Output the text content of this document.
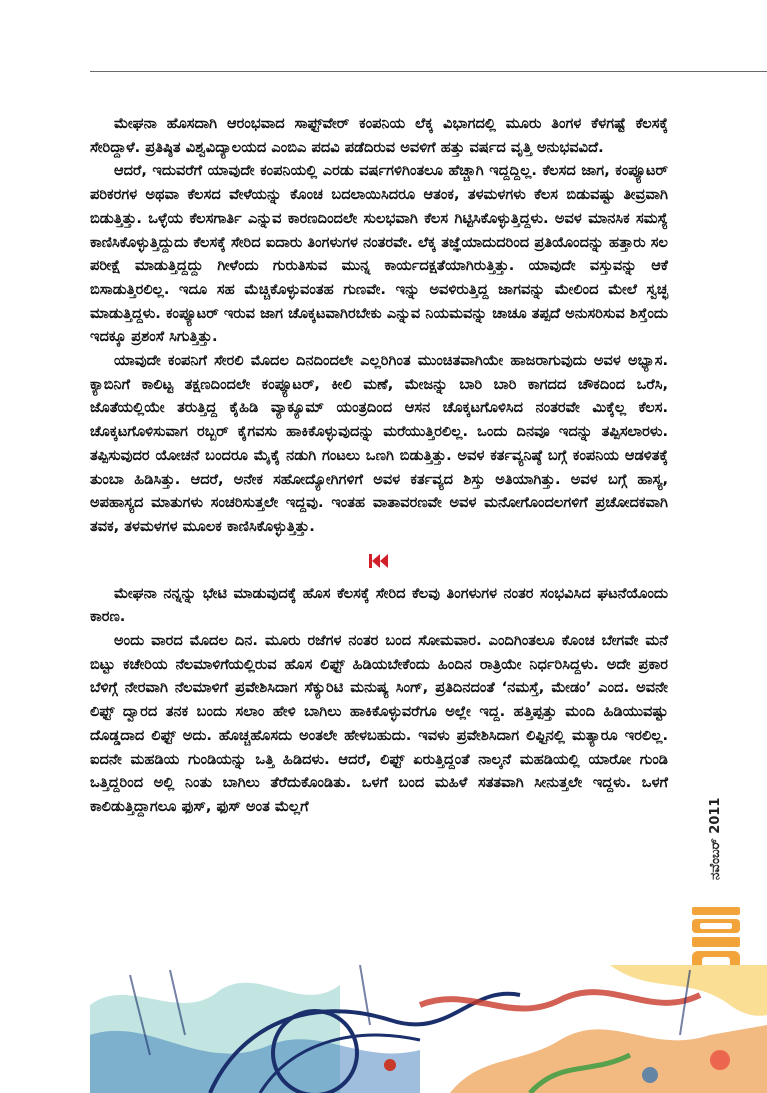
ಮೇಘನಾ ಹೊಸದಾಗಿ ಆರಂಭವಾದ ಸಾಫ್ಟ್‌ವೇರ್ ಕಂಪನಿಯ ಲೆಕ್ಕ ವಿಭಾಗದಲ್ಲಿ ಮೂರು ತಿಂಗಳ ಕೆಳಗಷ್ಟೆ ಕೆಲಸಕ್ಕೆ ಸೇರಿದ್ದಾಳೆ. ಪ್ರತಿಷ್ಠಿತ ವಿಶ್ವವಿದ್ಯಾಲಯದ ಎಂಬಿಎ ಪದವಿ ಪಡೆದಿರುವ ಅವಳಿಗೆ ಹತ್ತು ವರ್ಷದ ವೃತ್ತಿ ಅನುಭವವಿದೆ.

ಆದರೆ, ಇದುವರೆಗೆ ಯಾವುದೇ ಕಂಪನಿಯಲ್ಲಿ ಎರಡು ವರ್ಷಗಳಿಗಿಂತಲೂ ಹೆಚ್ಚಾಗಿ ಇದ್ದದ್ದಿಲ್ಲ. ಕೆಲಸದ ಜಾಗ, ಕಂಪ್ಯೂಟರ್ ಪರಿಕರಗಳ ಅಥವಾ ಕೆಲಸದ ವೇಳೆಯನ್ನು ಕೊಂಚ ಬದಲಾಯಿಸಿದರೂ ಆತಂಕ, ತಳಮಳಗಳು ಕೆಲಸ ಬಿಡುವಷ್ಟು ತೀವ್ರವಾಗಿ ಬಿಡುತ್ತಿತ್ತು. ಒಳ್ಳೆಯ ಕೆಲಸಗಾರ್ತಿ ಎನ್ನುವ ಕಾರಣದಿಂದಲೇ ಸುಲಭವಾಗಿ ಕೆಲಸ ಗಿಟ್ಟಿಸಿಕೊಳ್ಳುತ್ತಿದ್ದಳು. ಅವಳ ಮಾನಸಿಕ ಸಮಸ್ಯೆ ಕಾಣಿಸಿಕೊಳ್ಳುತ್ತಿದ್ದುದು ಕೆಲಸಕ್ಕೆ ಸೇರಿದ ಐದಾರು ತಿಂಗಳುಗಳ ನಂತರವೇ. ಲೆಕ್ಕ ತಜ್ಞೆಯಾದುದರಿಂದ ಪ್ರತಿಯೊಂದನ್ನು ಹತ್ತಾರು ಸಲ ಪರೀಕ್ಷೆ ಮಾಡುತ್ತಿದ್ದದ್ದು ಗೀಳೆಂದು ಗುರುತಿಸುವ ಮುನ್ನ ಕಾರ್ಯದಕ್ಷತೆಯಾಗಿರುತ್ತಿತ್ತು. ಯಾವುದೇ ವಸ್ತುವನ್ನು ಆಕೆ ಬಿಸಾಡುತ್ತಿರಲಿಲ್ಲ. ಇದೂ ಸಹ ಮೆಚ್ಚಿಕೊಳ್ಳುವಂತಹ ಗುಣವೇ. ಇನ್ನು ಅವಳಿರುತ್ತಿದ್ದ ಜಾಗವನ್ನು ಮೇಲಿಂದ ಮೇಲೆ ಸ್ವಚ್ಛ ಮಾಡುತ್ತಿದ್ದಳು. ಕಂಪ್ಯೂಟರ್ ಇರುವ ಜಾಗ ಚೊಕ್ಕಟವಾಗಿರಬೇಕು ಎನ್ನುವ ನಿಯಮವನ್ನು ಚಾಚೂ ತಪ್ಪದೆ ಅನುಸರಿಸುವ ಶಿಸ್ತೆಂದು ಇದಕ್ಕೂ ಪ್ರಶಂಸೆ ಸಿಗುತ್ತಿತ್ತು.

ಯಾವುದೇ ಕಂಪನಿಗೆ ಸೇರಲಿ ಮೊದಲ ದಿನದಿಂದಲೇ ಎಲ್ಲರಿಗಿಂತ ಮುಂಚಿತವಾಗಿಯೇ ಹಾಜರಾಗುವುದು ಅವಳ ಅಭ್ಯಾಸ. ಕ್ಯಾಬಿನಿಗೆ ಕಾಲಿಟ್ಟ ತಕ್ಷಣದಿಂದಲೇ ಕಂಪ್ಯೂಟರ್, ಕೀಲಿ ಮಣೆ, ಮೇಜನ್ನು ಬಾರಿ ಬಾರಿ ಕಾಗದದ ಚೌಕದಿಂದ ಒರೆಸಿ, ಜೊತೆಯಲ್ಲಿಯೇ ತರುತ್ತಿದ್ದ ಕೈಹಿಡಿ ವ್ಯಾಕ್ಯೂಮ್ ಯಂತ್ರದಿಂದ ಆಸನ ಚೊಕ್ಕಟಗೊಳಿಸಿದ ನಂತರವೇ ಮಿಕ್ಕೆಲ್ಲ ಕೆಲಸ. ಚೊಕ್ಕಟಗೊಳಿಸುವಾಗ ರಬ್ಬರ್ ಕೈಗವಸು ಹಾಕಿಕೊಳ್ಳುವುದನ್ನು ಮರೆಯುತ್ತಿರಲಿಲ್ಲ. ಒಂದು ದಿನವೂ ಇದನ್ನು ತಪ್ಪಿಸಲಾರಳು. ತಪ್ಪಿಸುವುದರ ಯೋಚನೆ ಬಂದರೂ ಮೈಕೈ ನಡುಗಿ ಗಂಟಲು ಒಣಗಿ ಬಿಡುತ್ತಿತ್ತು. ಅವಳ ಕರ್ತವ್ಯನಿಷ್ಠೆ ಬಗ್ಗೆ ಕಂಪನಿಯ ಆಡಳಿತಕ್ಕೆ ತುಂಬಾ ಹಿಡಿಸಿತ್ತು. ಆದರೆ, ಅನೇಕ ಸಹೋದ್ಯೋಗಿಗಳಿಗೆ ಅವಳ ಕರ್ತವ್ಯದ ಶಿಸ್ತು ಅತಿಯಾಗಿತ್ತು. ಅವಳ ಬಗ್ಗೆ ಹಾಸ್ಯ, ಅಪಹಾಸ್ಯದ ಮಾತುಗಳು ಸಂಚರಿಸುತ್ತಲೇ ಇದ್ದವು. ಇಂತಹ ವಾತಾವರಣವೇ ಅವಳ ಮನೋಗೊಂದಲಗಳಿಗೆ ಪ್ರಚೋದಕವಾಗಿ ತವಕ, ತಳಮಳಗಳ ಮೂಲಕ ಕಾಣಿಸಿಕೊಳ್ಳುತ್ತಿತ್ತು.

ಮೇಘನಾ ನನ್ನನ್ನು ಭೇಟಿ ಮಾಡುವುದಕ್ಕೆ ಹೊಸ ಕೆಲಸಕ್ಕೆ ಸೇರಿದ ಕೆಲವು ತಿಂಗಳುಗಳ ನಂತರ ಸಂಭವಿಸಿದ ಘಟನೆಯೊಂದು ಕಾರಣ.

ಅಂದು ವಾರದ ಮೊದಲ ದಿನ. ಮೂರು ರಜೆಗಳ ನಂತರ ಬಂದ ಸೋಮವಾರ. ಎಂದಿಗಿಂತಲೂ ಕೊಂಚ ಬೇಗವೇ ಮನೆ ಬಿಟ್ಟು ಕಚೇರಿಯ ನೆಲಮಾಳಿಗೆಯಲ್ಲಿರುವ ಹೊಸ ಲಿಫ್ಟ್ ಹಿಡಿಯಬೇಕೆಂದು ಹಿಂದಿನ ರಾತ್ರಿಯೇ ನಿರ್ಧರಿಸಿದ್ದಳು. ಅದೇ ಪ್ರಕಾರ ಬೆಳಿಗ್ಗೆ ನೇರವಾಗಿ ನೆಲಮಾಳಿಗೆ ಪ್ರವೇಶಿಸಿದಾಗ ಸೆಕ್ಯುರಿಟಿ ಮನುಷ್ಯ ಸಿಂಗ್, ಪ್ರತಿದಿನದಂತೆ ‘ನಮಸ್ತೆ, ಮೇಡಂ’ ಎಂದ. ಅವನೇ ಲಿಫ್ಟ್ ದ್ವಾರದ ತನಕ ಬಂದು ಸಲಾಂ ಹೇಳಿ ಬಾಗಿಲು ಹಾಕಿಕೊಳ್ಳುವರೆಗೂ ಅಲ್ಲೇ ಇದ್ದ. ಹತ್ತಿಪ್ಪತ್ತು ಮಂದಿ ಹಿಡಿಯುವಷ್ಟು ದೊಡ್ಡದಾದ ಲಿಫ್ಟ್ ಅದು. ಹೊಚ್ಚಹೊಸದು ಅಂತಲೇ ಹೇಳಬಹುದು. ಇವಳು ಪ್ರವೇಶಿಸಿದಾಗ ಲಿಫ್ಟಿನಲ್ಲಿ ಮತ್ಯಾರೂ ಇರಲಿಲ್ಲ. ಐದನೇ ಮಹಡಿಯ ಗುಂಡಿಯನ್ನು ಒತ್ತಿ ಹಿಡಿದಳು. ಆದರೆ, ಲಿಫ್ಟ್ ಏರುತ್ತಿದ್ದಂತೆ ನಾಲ್ಕನೆ ಮಹಡಿಯಲ್ಲಿ ಯಾರೋ ಗುಂಡಿ ಒತ್ತಿದ್ದರಿಂದ ಅಲ್ಲಿ ನಿಂತು ಬಾಗಿಲು ತೆರೆದುಕೊಂಡಿತು. ಒಳಗೆ ಬಂದ ಮಹಿಳೆ ಸತತವಾಗಿ ಸೀನುತ್ತಲೇ ಇದ್ದಳು. ಒಳಗೆ ಕಾಲಿಡುತ್ತಿದ್ದಾಗಲೂ ಫುಸ್, ಫುಸ್ ಅಂತ ಮೆಲ್ಲಗೆ	ನವೆಂಬರ್ 2011
